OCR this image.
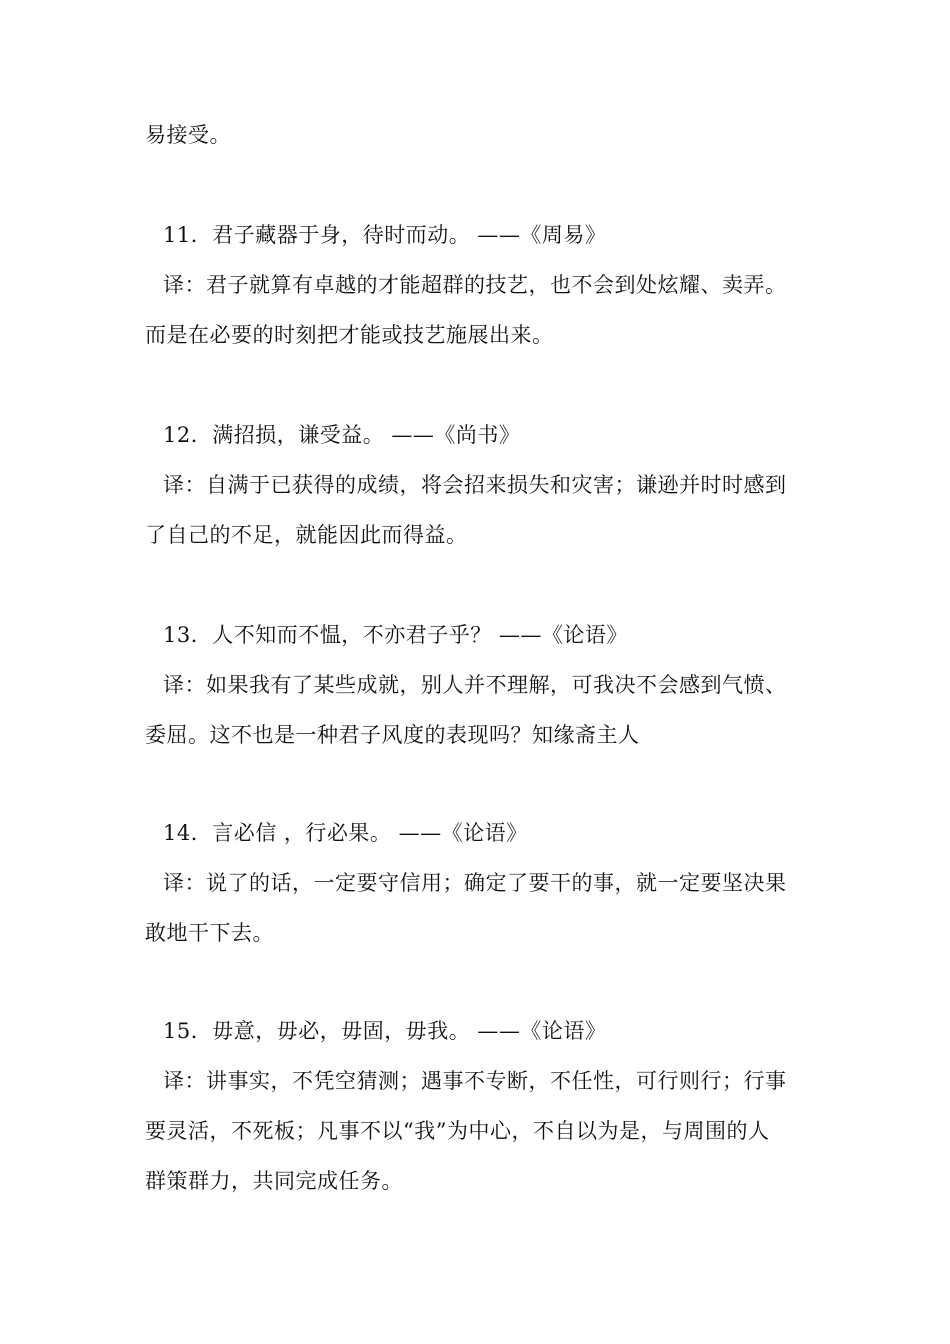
易接受。
11．君子藏器于身，待时而动。 ——《周易》
译：君子就算有卓越的才能超群的技艺，也不会到处炫耀、卖弄。
而是在必要的时刻把才能或技艺施展出来。
12．满招损，谦受益。 ——《尚书》
译：自满于已获得的成绩，将会招来损失和灾害；谦逊并时时感到
了自己的不足，就能因此而得益。
13．人不知而不愠，不亦君子乎？ ——《论语》
译：如果我有了某些成就，别人并不理解，可我决不会感到气愤、
委屈。这不也是一种君子风度的表现吗？知缘斋主人
14．言必信 ，行必果。 ——《论语》
译：说了的话，一定要守信用；确定了要干的事，就一定要坚决果
敢地干下去。
15．毋意，毋必，毋固，毋我。 ——《论语》
译：讲事实，不凭空猜测；遇事不专断，不任性，可行则行；行事
要灵活，不死板；凡事不以“我”为中心，不自以为是，与周围的人
群策群力，共同完成任务。
